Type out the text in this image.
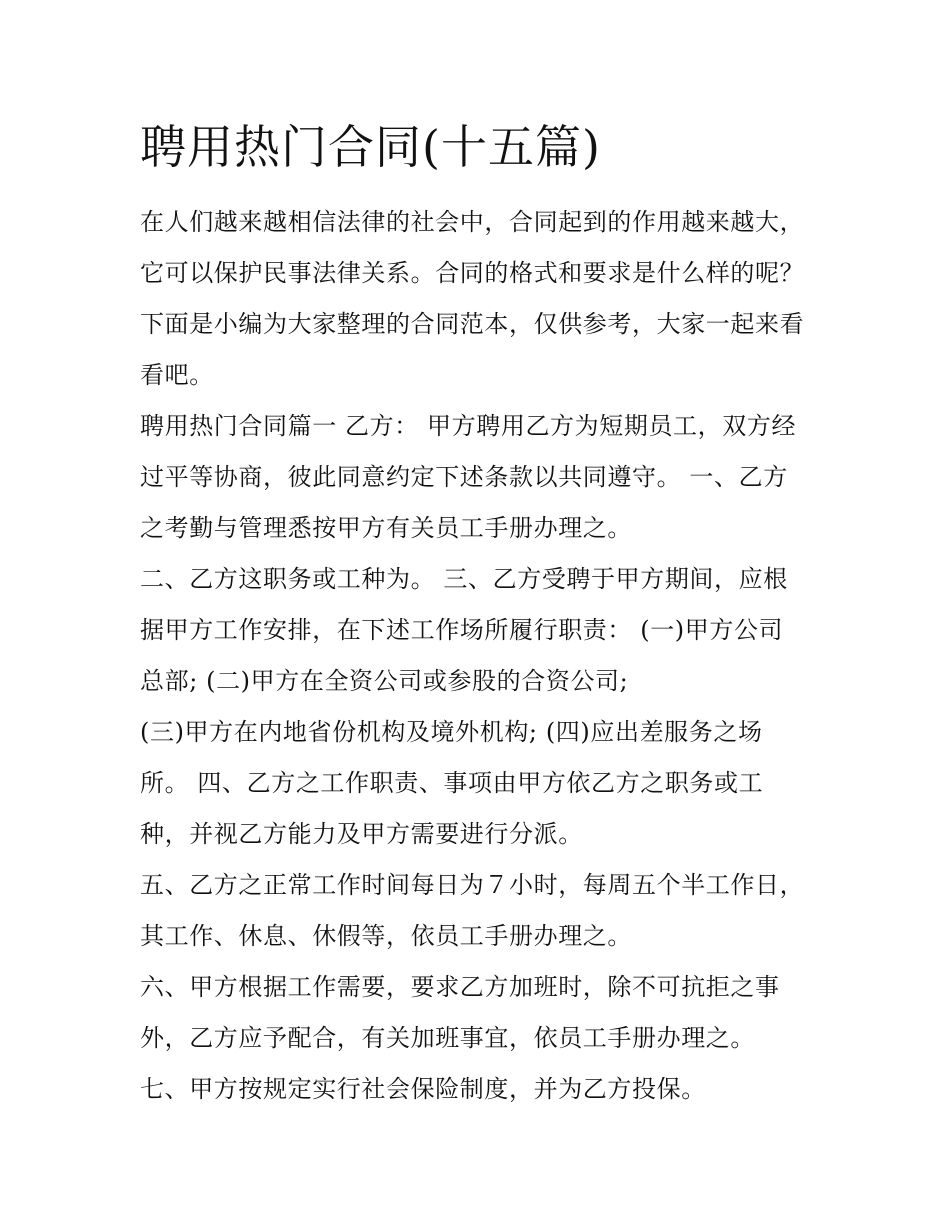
聘用热门合同(十五篇)
在人们越来越相信法律的社会中，合同起到的作用越来越大，
它可以保护民事法律关系。合同的格式和要求是什么样的呢？
下面是小编为大家整理的合同范本，仅供参考，大家一起来看
看吧。
聘用热门合同篇一 乙方： 甲方聘用乙方为短期员工，双方经
过平等协商，彼此同意约定下述条款以共同遵守。 一、乙方
之考勤与管理悉按甲方有关员工手册办理之。
二、乙方这职务或工种为。 三、乙方受聘于甲方期间，应根
据甲方工作安排，在下述工作场所履行职责： (一)甲方公司
总部; (二)甲方在全资公司或参股的合资公司;
(三)甲方在内地省份机构及境外机构; (四)应出差服务之场
所。 四、乙方之工作职责、事项由甲方依乙方之职务或工
种，并视乙方能力及甲方需要进行分派。
五、乙方之正常工作时间每日为７小时，每周五个半工作日，
其工作、休息、休假等，依员工手册办理之。
六、甲方根据工作需要，要求乙方加班时，除不可抗拒之事
外，乙方应予配合，有关加班事宜，依员工手册办理之。
七、甲方按规定实行社会保险制度，并为乙方投保。
